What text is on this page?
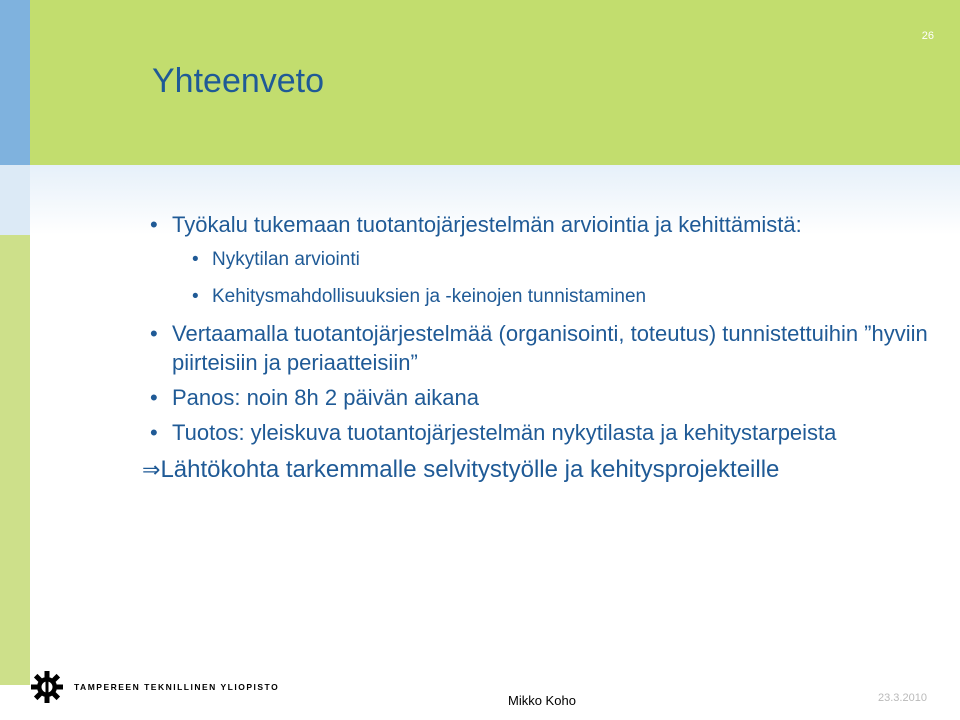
26
Yhteenveto

• Työkalu tukemaan tuotantojärjestelmän arviointia ja kehittämistä:

• Nykytilan arviointi

• Kehitysmahdollisuuksien ja -keinojen tunnistaminen

• Vertaamalla tuotantojärjestelmää (organisointi, toteutus) tunnistettuihin ”hyviin piirteisiin ja periaatteisiin”

• Panos: noin 8h 2 päivän aikana

• Tuotos: yleiskuva tuotantojärjestelmän nykytilasta ja kehitystarpeista

⇒Lähtökohta tarkemmalle selvitystyölle ja kehitysprojekteille
TAMPEREEN TEKNILLINEN YLIOPISTO
Mikko Koho	23.3.2010
